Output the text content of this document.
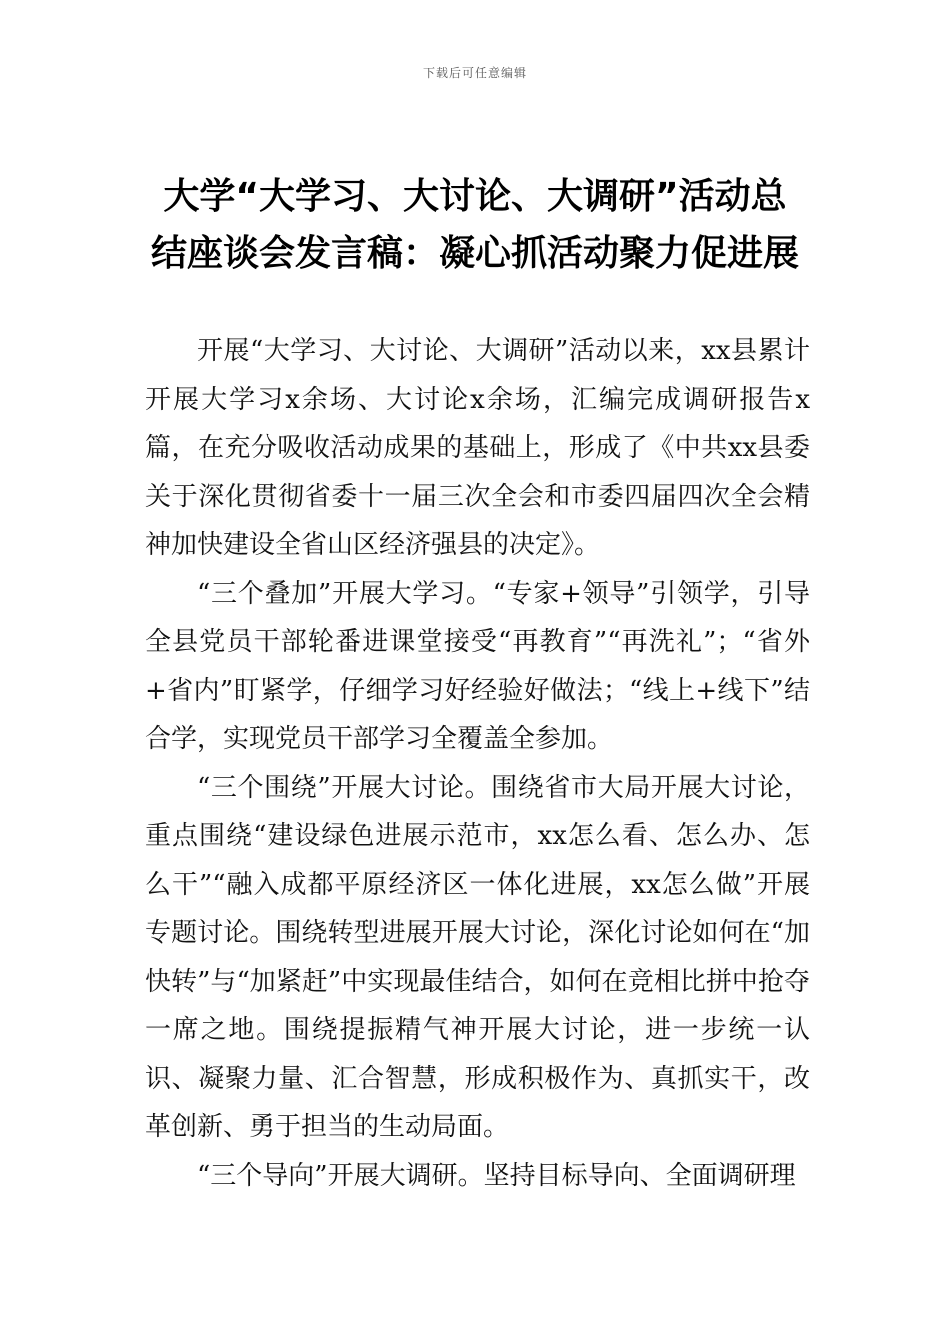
下载后可任意编辑
大学“大学习、大讨论、大调研”活动总
结座谈会发言稿：凝心抓活动聚力促进展

开展“大学习、大讨论、大调研”活动以来，xx县累计开展大学习x余场、大讨论x余场，汇编完成调研报告x篇，在充分吸收活动成果的基础上，形成了《中共xx县委关于深化贯彻省委十一届三次全会和市委四届四次全会精神加快建设全省山区经济强县的决定》。

“三个叠加”开展大学习。“专家+领导”引领学，引导全县党员干部轮番进课堂接受“再教育”“再洗礼”；“省外+省内”盯紧学，仔细学习好经验好做法；“线上+线下”结合学，实现党员干部学习全覆盖全参加。

“三个围绕”开展大讨论。围绕省市大局开展大讨论，重点围绕“建设绿色进展示范市，xx怎么看、怎么办、怎么干”“融入成都平原经济区一体化进展，xx怎么做”开展专题讨论。围绕转型进展开展大讨论，深化讨论如何在“加快转”与“加紧赶”中实现最佳结合，如何在竞相比拼中抢夺一席之地。围绕提振精气神开展大讨论，进一步统一认识、凝聚力量、汇合智慧，形成积极作为、真抓实干，改革创新、勇于担当的生动局面。

“三个导向”开展大调研。坚持目标导向、全面调研理
